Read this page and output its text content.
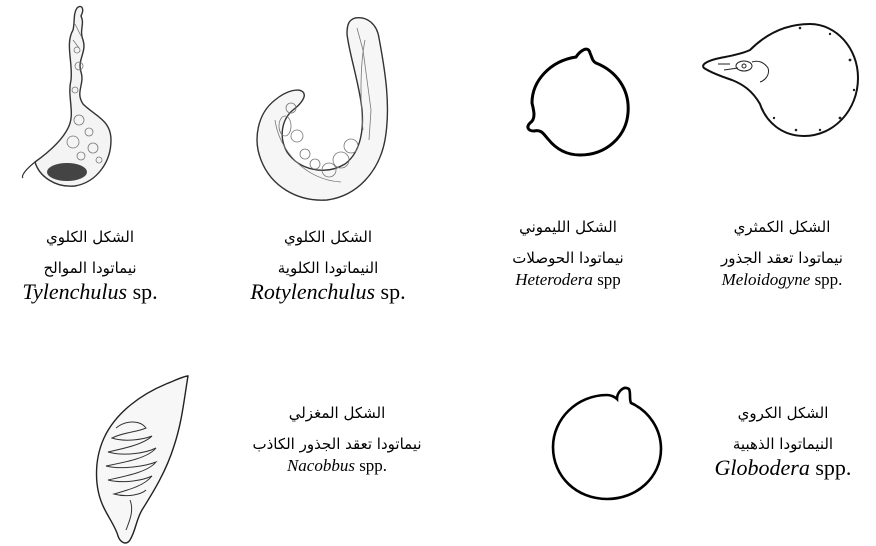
الشكل الكلوي
نيماتودا الموالح
Tylenchulus sp.
الشكل الكلوي
النيماتودا الكلوية
Rotylenchulus sp.
الشكل الليموني
نيماتودا الحوصلات
Heterodera spp
الشكل الكمثري
نيماتودا تعقد الجذور
Meloidogyne spp.
الشكل المغزلي
نيماتودا تعقد الجذور الكاذب
Nacobbus spp.
الشكل الكروي
النيماتودا الذهبية
Globodera spp.
